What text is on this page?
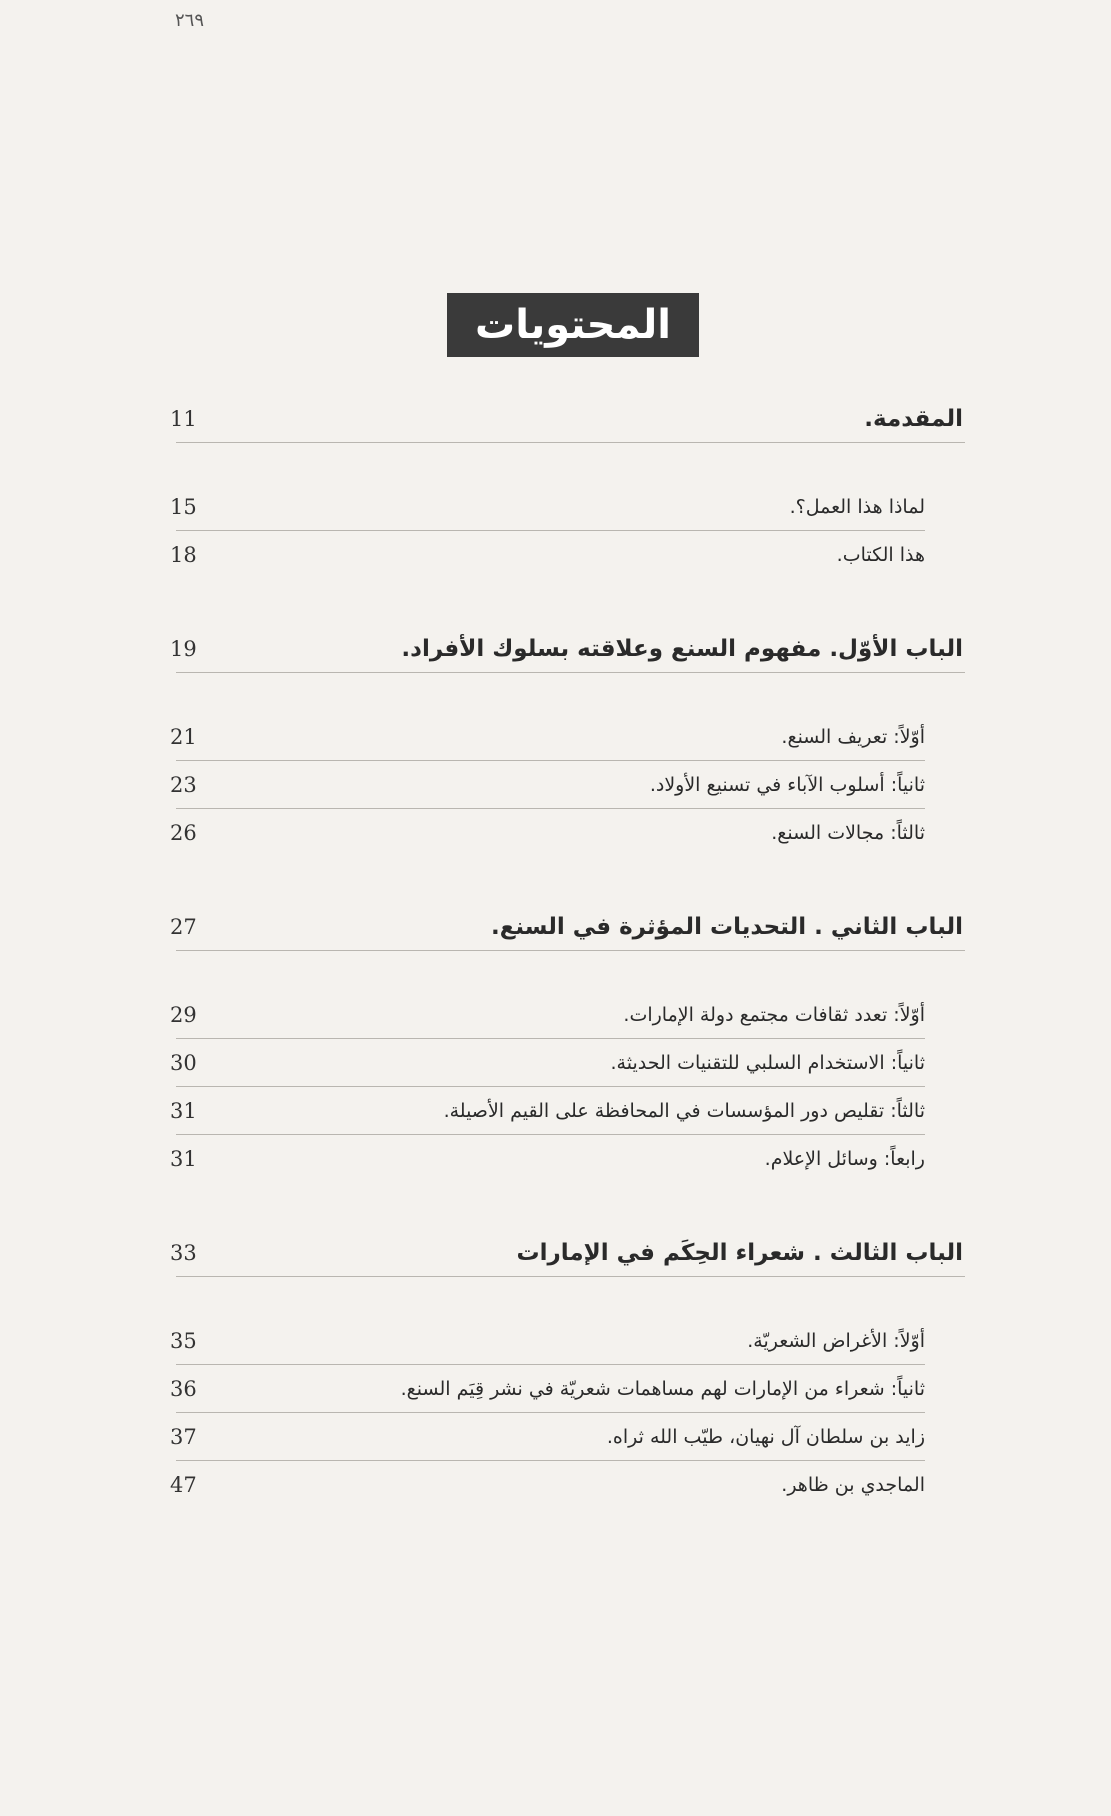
٢٦٩
المحتويات
المقدمة.
11
لماذا هذا العمل؟.
15
هذا الكتاب.
18
الباب الأوّل. مفهوم السنع وعلاقته بسلوك الأفراد.
19
أوّلاً: تعريف السنع.
21
ثانياً: أسلوب الآباء في تسنيع الأولاد.
23
ثالثاً: مجالات السنع.
26
الباب الثاني . التحديات المؤثرة في السنع.
27
أوّلاً: تعدد ثقافات مجتمع دولة الإمارات.
29
ثانياً: الاستخدام السلبي للتقنيات الحديثة.
30
ثالثاً: تقليص دور المؤسسات في المحافظة على القيم الأصيلة.
31
رابعاً: وسائل الإعلام.
31
الباب الثالث . شعراء الحِكَم في الإمارات
33
أوّلاً: الأغراض الشعريّة.
35
ثانياً: شعراء من الإمارات لهم مساهمات شعريّة في نشر قِيَم السنع.
36
زايد بن سلطان آل نهيان، طيّب الله ثراه.
37
الماجدي بن ظاهر.
47
